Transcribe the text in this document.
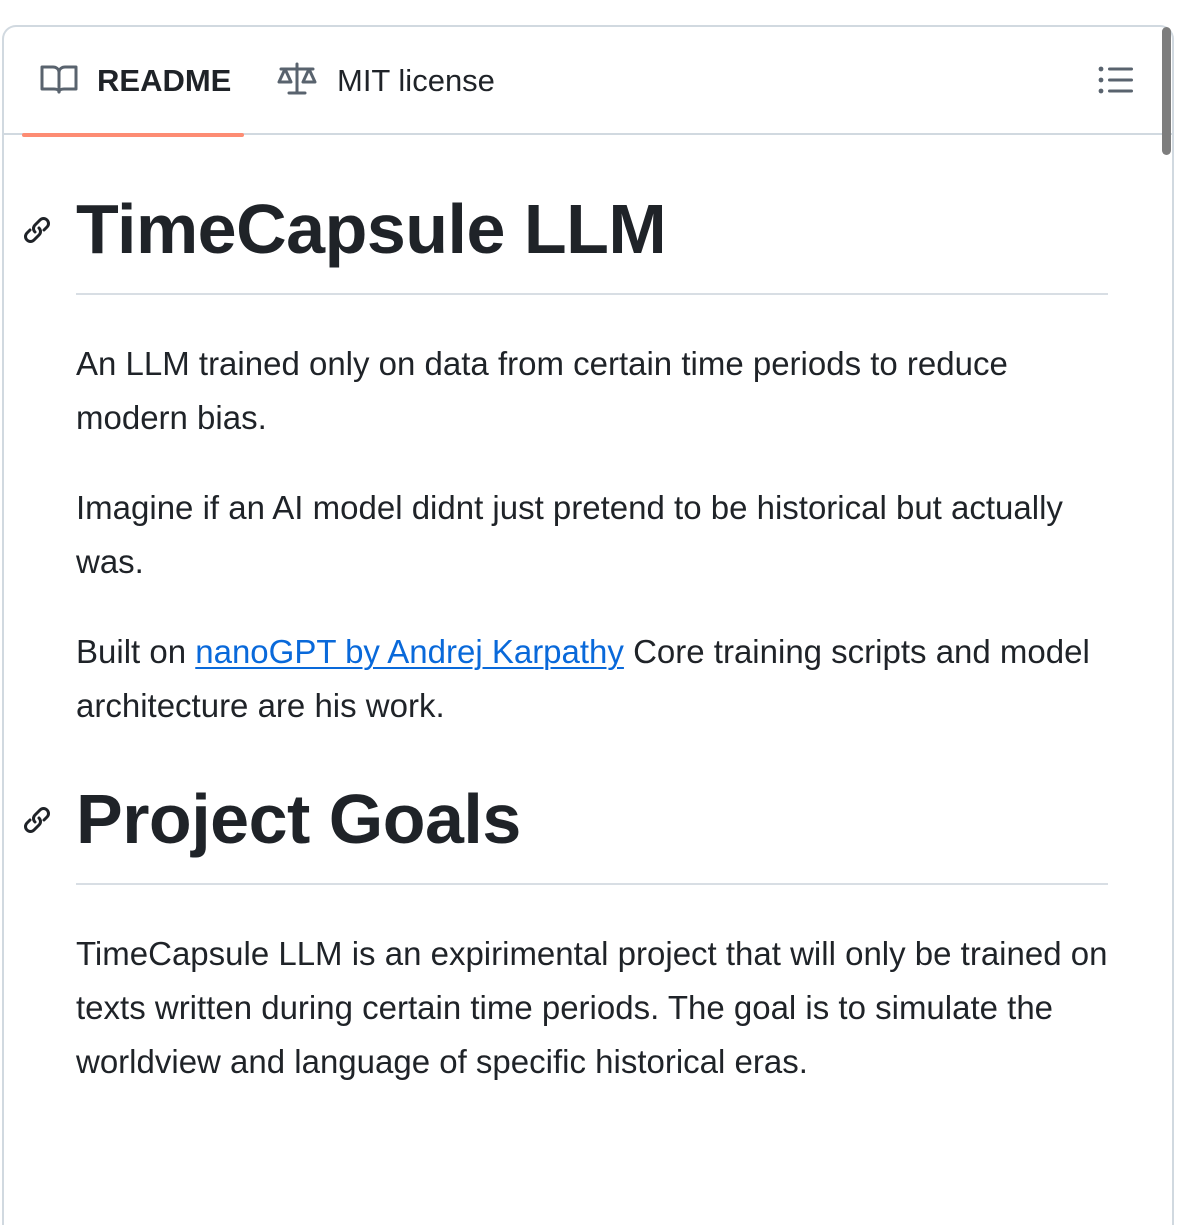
README	MIT license
TimeCapsule LLM

An LLM trained only on data from certain time periods to reduce modern bias.

Imagine if an AI model didnt just pretend to be historical but actually was.

Built on nanoGPT by Andrej Karpathy Core training scripts and model architecture are his work.

Project Goals

TimeCapsule LLM is an expirimental project that will only be trained on texts written during certain time periods. The goal is to simulate the worldview and language of specific historical eras.
